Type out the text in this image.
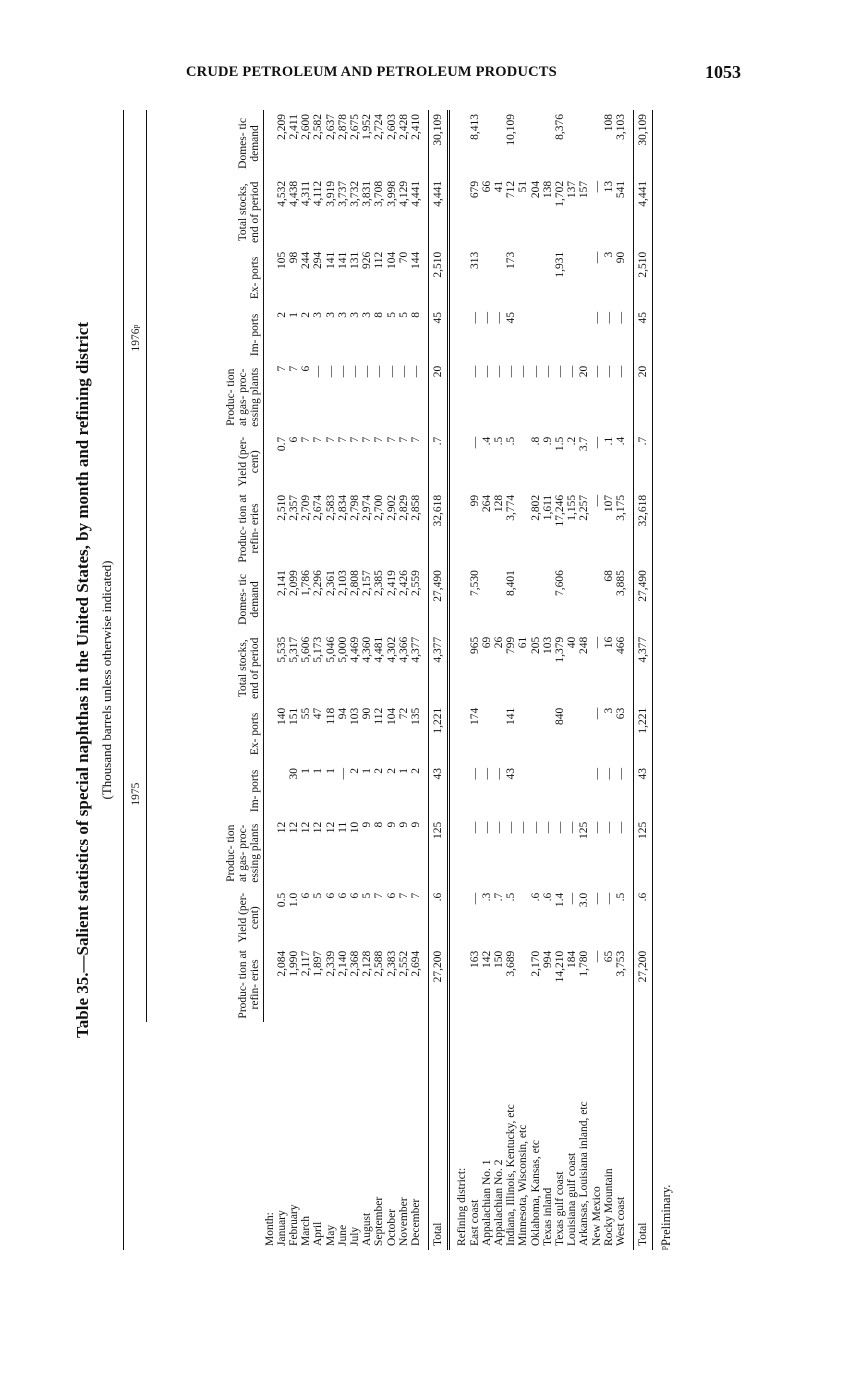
CRUDE PETROLEUM AND PETROLEUM PRODUCTS	1053
Table 35.—Salient statistics of special naphthas in the United States, by month and refining district (Thousand barrels unless otherwise indicated)
	1975							1976$^p$
	Produc- tion at refin- eries	Yield (per- cent)	Produc- tion at gas- proc- essing plants	Im- ports	Ex- ports	Total stocks, end of period	Domes- tic demand	Produc- tion at refin- eries	Yield (per- cent)	Produc- tion at gas- proc- essing plants	Im- ports	Ex- ports	Total stocks, end of period	Domes- tic demand
Month:														
January	2,084	0.5	12		140	5,535	2,141	2,510	0.7	7	2	105	4,532	2,209
February	1,990	1.0	12	30	151	5,317	2,099	2,357	6	7	1	98	4,438	2,411
March	2,117	6	12	1	55	5,606	1,786	2,709	7	6	2	244	4,311	2,600
April	1,897	5	12	1	47	5,173	2,296	2,674	7	—	3	294	4,112	2,582
May	2,339	6	12	1	118	5,046	2,361	2,583	7	—	3	141	3,919	2,637
June	2,140	6	11	—	94	5,000	2,103	2,834	7	—	3	141	3,737	2,878
July	2,368	6	10	2	103	4,469	2,808	2,798	7	—	3	131	3,732	2,675
August	2,128	5	9	1	90	4,360	2,157	2,974	7	—	3	926	3,831	1,952
September	2,588	7	8	2	112	4,481	2,385	2,700	7	—	8	112	3,708	2,724
October	2,383	6	9	2	104	4,302	2,419	2,902	7	—	5	104	3,998	2,603
November	2,552	7	9	1	72	4,366	2,426	2,829	7	—	5	70	4,129	2,428
December	2,694	7	9	2	135	4,377	2,559	2,858	7	—	8	144	4,441	2,410

Total	27,200	.6	125	43	1,221	4,377	27,490	32,618	.7	20	45	2,510	4,441	30,109

Refining district:														
East coast	163	—	—	—	174	965	7,530	99	—	—	—	313	679	8,413
Appalachian No. 1	142	.3	—	—		69		264	.4	—	—		66	
Appalachian No. 2	150	.7	—	—		26		128	.5	—	—		41	
Indiana, Illinois, Kentucky, etc	3,689	.5	—	43	141	799	8,401	3,774	.5	—	45	173	712	10,109
Minnesota, Wisconsin, etc			—			61				—			51	
Oklahoma, Kansas, etc	2,170	.6	—			205		2,802	.8	—			204	
Texas inland	994	.6	—			103		1,611	.9	—			138	
Texas gulf coast	14,210	1.4	—		840	1,379	7,606	17,246	1.5	—		1,931	1,702	8,376
Louisiana gulf coast	184	—	—			40		1,155	.2	—			137	
Arkansas, Louisiana inland, etc	1,780	3.0	125			248		2,257	3.7	20			157	
New Mexico	—	—	—	—	—	—		—	—	—	—	—	—	
Rocky Mountain	65	—	—	—	3	16	68	107	.1	—	—	3	13	108
West coast	3,753	.5	—	—	63	466	3,885	3,175	.4	—	—	90	541	3,103

Total	27,200	.6	125	43	1,221	4,377	27,490	32,618	.7	20	45	2,510	4,441	30,109
$^p$Preliminary.
